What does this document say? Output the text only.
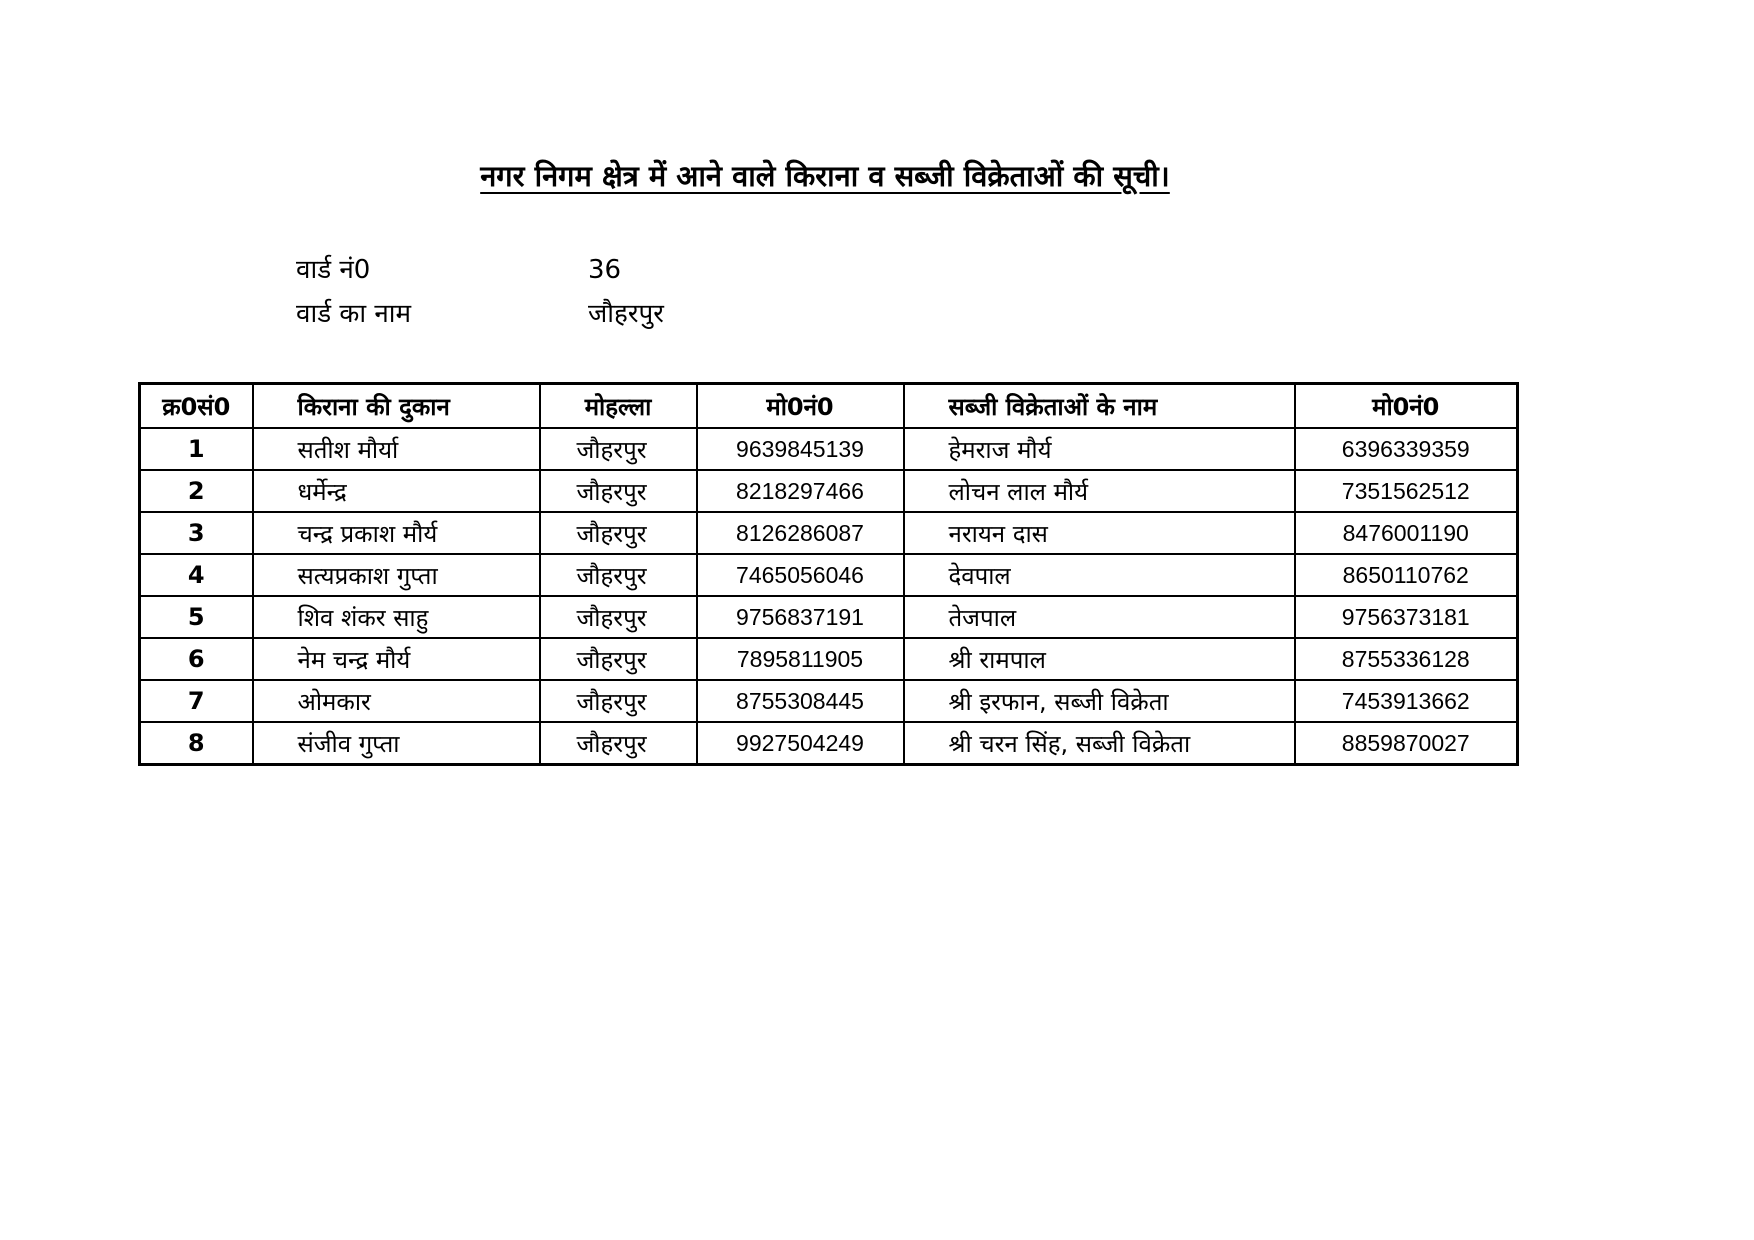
नगर निगम क्षेत्र में आने वाले किराना व सब्जी विक्रेताओं की सूची।
वार्ड नं0	36
वार्ड का नाम	जौहरपुर
क्र0सं0	किराना की दुकान	मोहल्ला	मो0नं0	सब्जी विक्रेताओं के नाम	मो0नं0
1	सतीश मौर्या	जौहरपुर	9639845139	हेमराज मौर्य	6396339359
2	धर्मेन्द्र	जौहरपुर	8218297466	लोचन लाल मौर्य	7351562512
3	चन्द्र प्रकाश मौर्य	जौहरपुर	8126286087	नरायन दास	8476001190
4	सत्यप्रकाश गुप्ता	जौहरपुर	7465056046	देवपाल	8650110762
5	शिव शंकर साहु	जौहरपुर	9756837191	तेजपाल	9756373181
6	नेम चन्द्र मौर्य	जौहरपुर	7895811905	श्री रामपाल	8755336128
7	ओमकार	जौहरपुर	8755308445	श्री इरफान, सब्जी विक्रेता	7453913662
8	संजीव गुप्ता	जौहरपुर	9927504249	श्री चरन सिंह, सब्जी विक्रेता	8859870027
